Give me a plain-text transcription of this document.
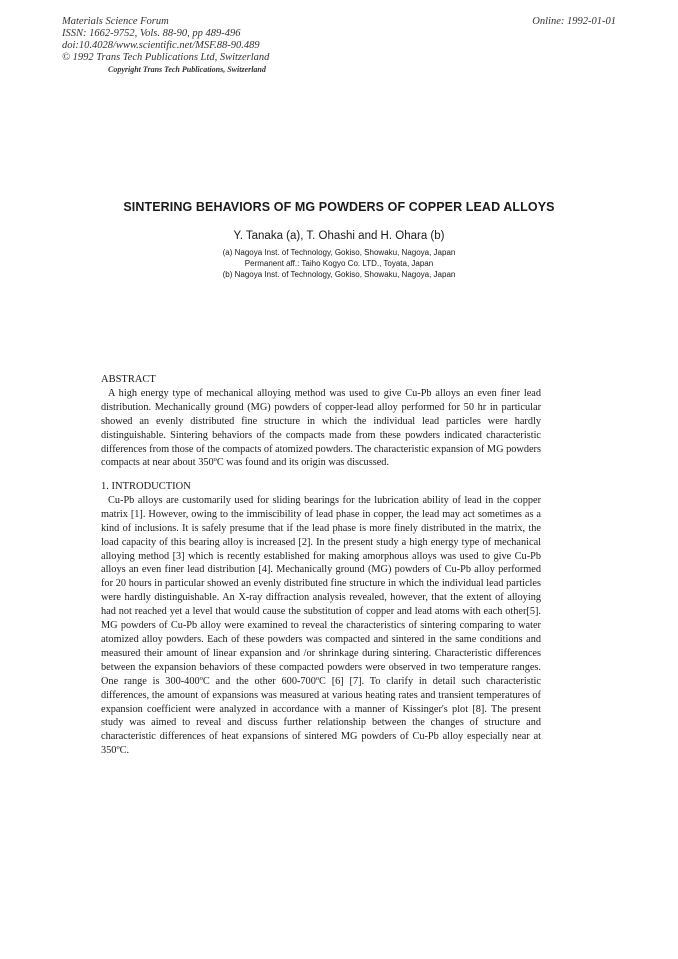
Materials Science Forum
ISSN: 1662-9752, Vols. 88-90, pp 489-496
doi:10.4028/www.scientific.net/MSF.88-90.489
© 1992 Trans Tech Publications Ltd, Switzerland
Copyright Trans Tech Publications, Switzerland
Online: 1992-01-01
SINTERING BEHAVIORS OF MG POWDERS OF COPPER LEAD ALLOYS
Y. Tanaka (a), T. Ohashi and H. Ohara (b)
(a) Nagoya Inst. of Technology, Gokiso, Showaku, Nagoya, Japan
Permanent aff.: Taiho Kogyo Co. LTD., Toyata, Japan
(b) Nagoya Inst. of Technology, Gokiso, Showaku, Nagoya, Japan
ABSTRACT

A high energy type of mechanical alloying method was used to give Cu-Pb alloys an even finer lead distribution. Mechanically ground (MG) powders of copper-lead alloy performed for 50 hr in particular showed an evenly distributed fine structure in which the individual lead particles were hardly distinguishable. Sintering behaviors of the compacts made from these powders indicated characteristic differences from those of the compacts of atomized powders. The characteristic expansion of MG powders compacts at near about 350ºC was found and its origin was discussed.

1. INTRODUCTION

Cu-Pb alloys are customarily used for sliding bearings for the lubrication ability of lead in the copper matrix [1]. However, owing to the immiscibility of lead phase in copper, the lead may act sometimes as a kind of inclusions. It is safely presume that if the lead phase is more finely distributed in the matrix, the load capacity of this bearing alloy is increased [2]. In the present study a high energy type of mechanical alloying method [3] which is recently established for making amorphous alloys was used to give Cu-Pb alloys an even finer lead distribution [4]. Mechanically ground (MG) powders of Cu-Pb alloy performed for 20 hours in particular showed an evenly distributed fine structure in which the individual lead particles were hardly distinguishable. An X-ray diffraction analysis revealed, however, that the extent of alloying had not reached yet a level that would cause the substitution of copper and lead atoms with each other[5]. MG powders of Cu-Pb alloy were examined to reveal the characteristics of sintering comparing to water atomized alloy powders. Each of these powders was compacted and sintered in the same conditions and measured their amount of linear expansion and /or shrinkage during sintering. Characteristic differences between the expansion behaviors of these compacted powders were observed in two temperature ranges. One range is 300-400ºC and the other 600-700ºC [6] [7]. To clarify in detail such characteristic differences, the amount of expansions was measured at various heating rates and transient temperatures of expansion coefficient were analyzed in accordance with a manner of Kissinger's plot [8]. The present study was aimed to reveal and discuss further relationship between the changes of structure and characteristic differences of heat expansions of sintered MG powders of Cu-Pb alloy especially near at 350ºC.
